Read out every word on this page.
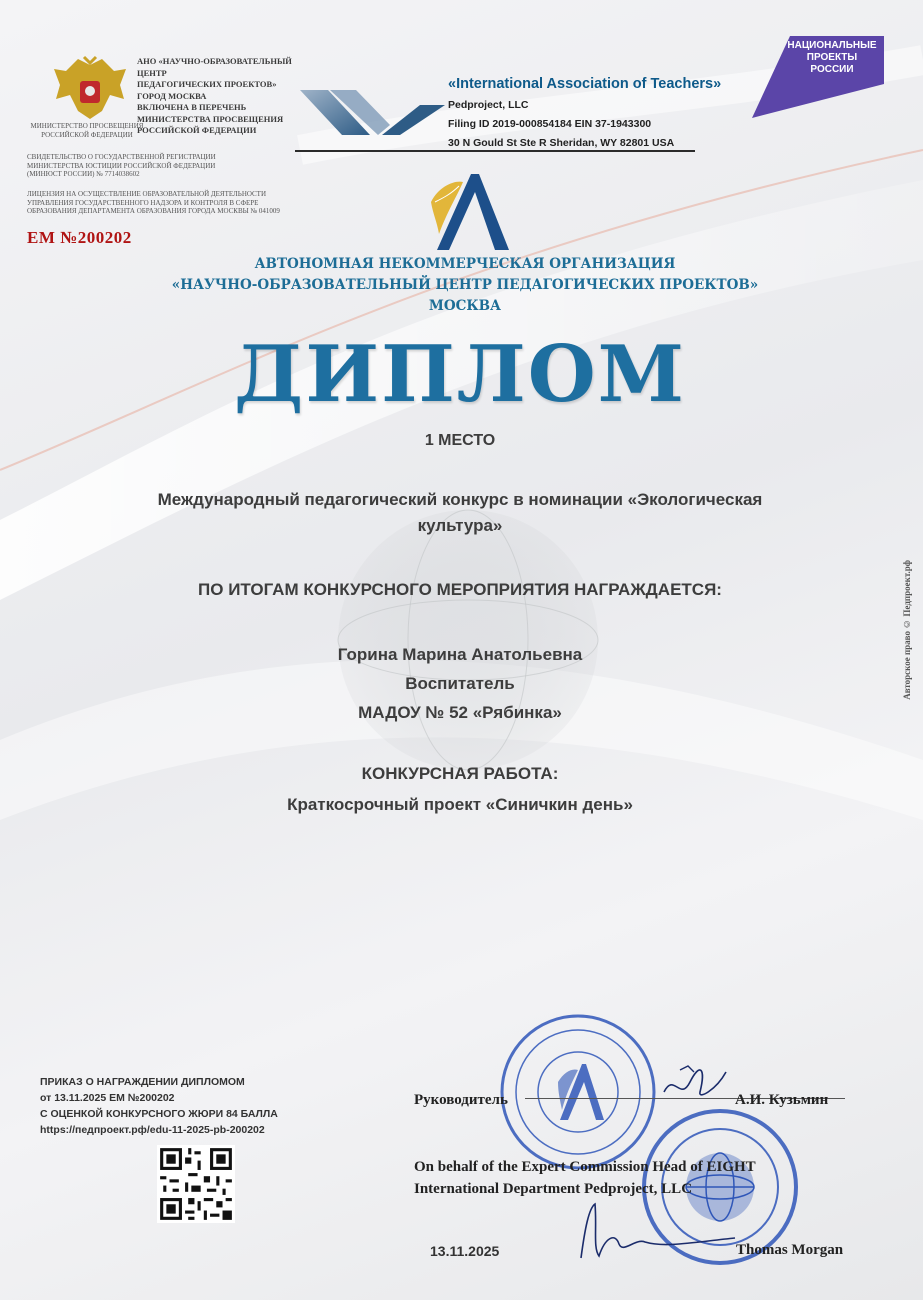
МИНИСТЕРСТВО ПРОСВЕЩЕНИЯ
РОССИЙСКОЙ ФЕДЕРАЦИИ
АНО «НАУЧНО-ОБРАЗОВАТЕЛЬНЫЙ ЦЕНТР
ПЕДАГОГИЧЕСКИХ ПРОЕКТОВ» ГОРОД МОСКВА
ВКЛЮЧЕНА В ПЕРЕЧЕНЬ
МИНИСТЕРСТВА ПРОСВЕЩЕНИЯ
РОССИЙСКОЙ ФЕДЕРАЦИИ
СВИДЕТЕЛЬСТВО О ГОСУДАРСТВЕННОЙ РЕГИСТРАЦИИ
МИНИСТЕРСТВА ЮСТИЦИИ РОССИЙСКОЙ ФЕДЕРАЦИИ
(МИНЮСТ РОССИИ) № 7714038602
ЛИЦЕНЗИЯ НА ОСУЩЕСТВЛЕНИЕ ОБРАЗОВАТЕЛЬНОЙ ДЕЯТЕЛЬНОСТИ
УПРАВЛЕНИЯ ГОСУДАРСТВЕННОГО НАДЗОРА И КОНТРОЛЯ В СФЕРЕ
ОБРАЗОВАНИЯ ДЕПАРТАМЕНТА ОБРАЗОВАНИЯ ГОРОДА МОСКВЫ № 041009
ЕМ №200202
«International Association of Teachers»
Pedproject, LLC
Filing ID 2019-000854184 EIN 37-1943300
30 N Gould St Ste R Sheridan, WY 82801 USA
НАЦИОНАЛЬНЫЕ
ПРОЕКТЫ
РОССИИ
АВТОНОМНАЯ НЕКОММЕРЧЕСКАЯ ОРГАНИЗАЦИЯ
«НАУЧНО-ОБРАЗОВАТЕЛЬНЫЙ ЦЕНТР ПЕДАГОГИЧЕСКИХ ПРОЕКТОВ»
МОСКВА
ДИПЛОМ
1 МЕСТО
Международный педагогический конкурс в номинации «Экологическая
культура»
ПО ИТОГАМ КОНКУРСНОГО МЕРОПРИЯТИЯ НАГРАЖДАЕТСЯ:
Горина Марина Анатольевна
Воспитатель
МАДОУ № 52 «Рябинка»
КОНКУРСНАЯ РАБОТА:
Краткосрочный проект «Синичкин день»
Авторское право © Педпроект.рф
ПРИКАЗ О НАГРАЖДЕНИИ ДИПЛОМОМ
от 13.11.2025 ЕМ №200202
С ОЦЕНКОЙ КОНКУРСНОГО ЖЮРИ 84 БАЛЛА
https://педпроект.рф/edu-11-2025-pb-200202
Руководитель	А.И. Кузьмин
On behalf of the Expert Commission Head of EIGHT
International Department Pedproject, LLC
13.11.2025	Thomas Morgan
